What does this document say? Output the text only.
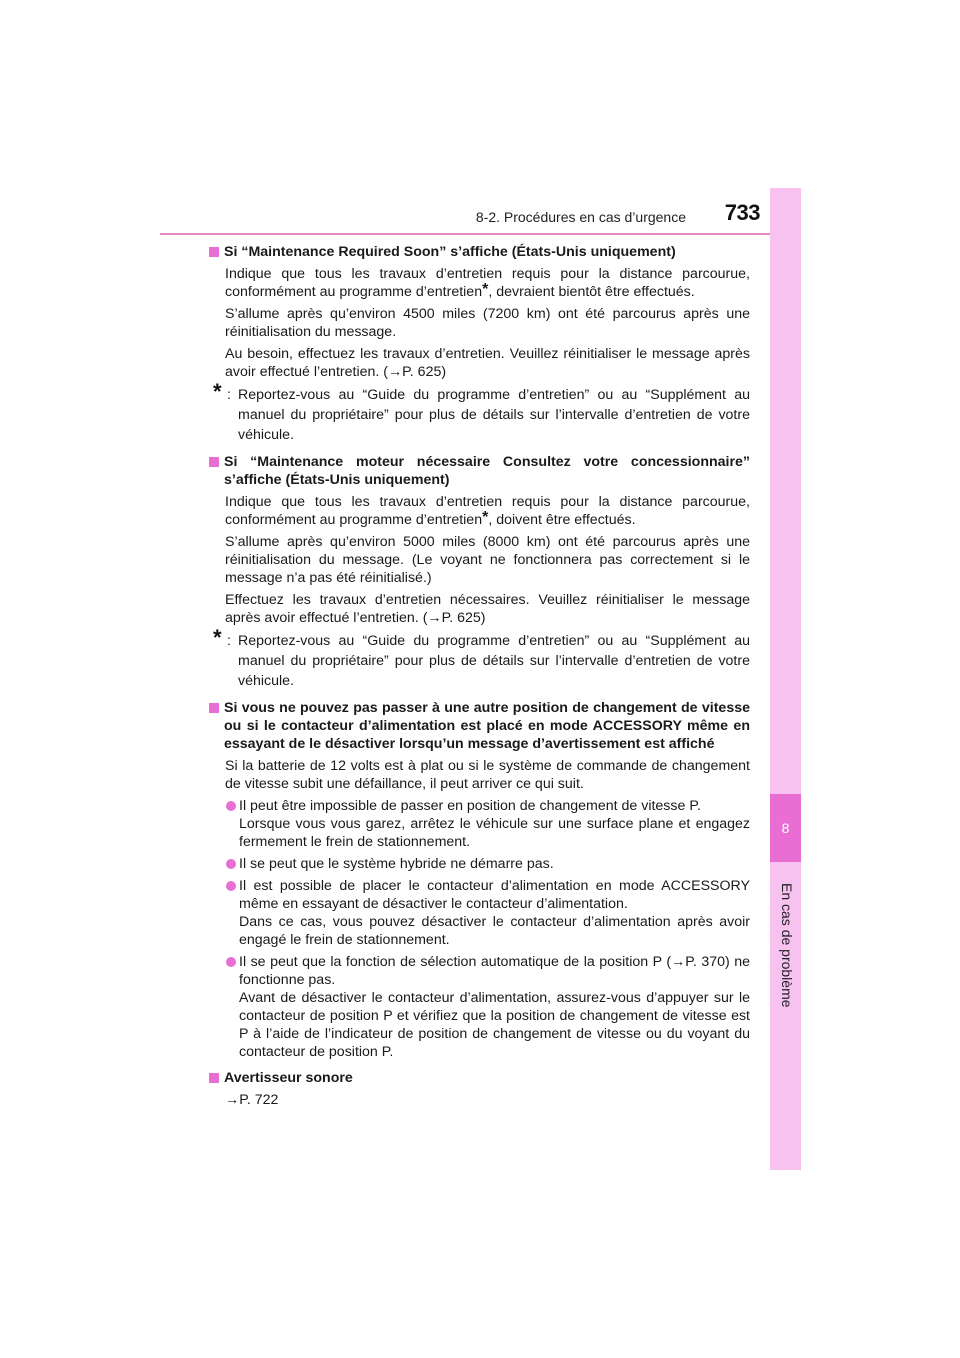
8-2. Procédures en cas d’urgence	733
8
En cas de problème
Si “Maintenance Required Soon” s’affiche (États-Unis uniquement)
Indique que tous les travaux d’entretien requis pour la distance parcourue, conformément au programme d’entretien*, devraient bientôt être effectués.
S’allume après qu’environ 4500 miles (7200 km) ont été parcourus après une réinitialisation du message.
Au besoin, effectuez les travaux d’entretien. Veuillez réinitialiser le message après avoir effectué l’entretien. (→P. 625)
* : Reportez-vous au “Guide du programme d’entretien” ou au “Supplément au manuel du propriétaire” pour plus de détails sur l’intervalle d’entretien de votre véhicule.
Si “Maintenance moteur nécessaire Consultez votre concessionnaire” s’affiche (États-Unis uniquement)
Indique que tous les travaux d’entretien requis pour la distance parcourue, conformément au programme d’entretien*, doivent être effectués.
S’allume après qu’environ 5000 miles (8000 km) ont été parcourus après une réinitialisation du message. (Le voyant ne fonctionnera pas correctement si le message n’a pas été réinitialisé.)
Effectuez les travaux d’entretien nécessaires. Veuillez réinitialiser le message après avoir effectué l’entretien. (→P. 625)
* : Reportez-vous au “Guide du programme d’entretien” ou au “Supplément au manuel du propriétaire” pour plus de détails sur l’intervalle d’entretien de votre véhicule.
Si vous ne pouvez pas passer à une autre position de changement de vitesse ou si le contacteur d’alimentation est placé en mode ACCESSORY même en essayant de le désactiver lorsqu’un message d’avertissement est affiché
Si la batterie de 12 volts est à plat ou si le système de commande de changement de vitesse subit une défaillance, il peut arriver ce qui suit.
Il peut être impossible de passer en position de changement de vitesse P.
Lorsque vous vous garez, arrêtez le véhicule sur une surface plane et engagez fermement le frein de stationnement.
Il se peut que le système hybride ne démarre pas.
Il est possible de placer le contacteur d’alimentation en mode ACCESSORY même en essayant de désactiver le contacteur d’alimentation.
Dans ce cas, vous pouvez désactiver le contacteur d’alimentation après avoir engagé le frein de stationnement.
Il se peut que la fonction de sélection automatique de la position P (→P. 370) ne fonctionne pas.
Avant de désactiver le contacteur d’alimentation, assurez-vous d’appuyer sur le contacteur de position P et vérifiez que la position de changement de vitesse est P à l’aide de l’indicateur de position de changement de vitesse ou du voyant du contacteur de position P.
Avertisseur sonore
→P. 722
